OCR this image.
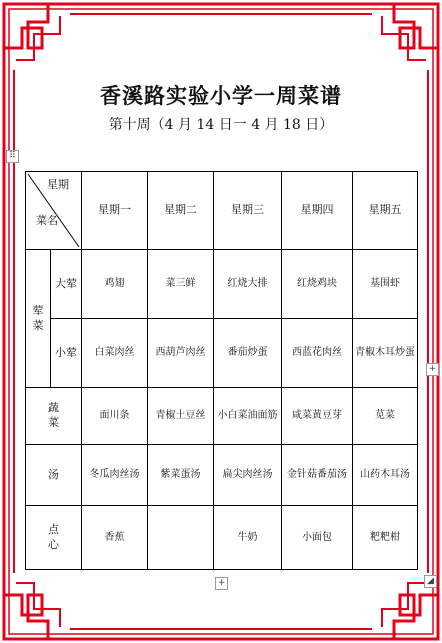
香溪路实验小学一周菜谱
第十周（4 月 14 日一 4 月 18 日）
⠿
星期
菜名		星期一	星期二	星期三	星期四	星期五
荤菜	大荤	鸡翅	菜三鲜	红烧大排	红烧鸡块	基围虾
	小荤	白菜肉丝	西葫芦肉丝	番茄炒蛋	西蓝花肉丝	青椒木耳炒蛋
蔬菜		面川条	青椒土豆丝	小白菜油面筋	咸菜黄豆芽	苋菜
汤		冬瓜肉丝汤	紫菜蛋汤	扁尖肉丝汤	金针菇番茄汤	山药木耳汤
点心		香蕉		牛奶	小面包	粑粑柑
+
+	◢
